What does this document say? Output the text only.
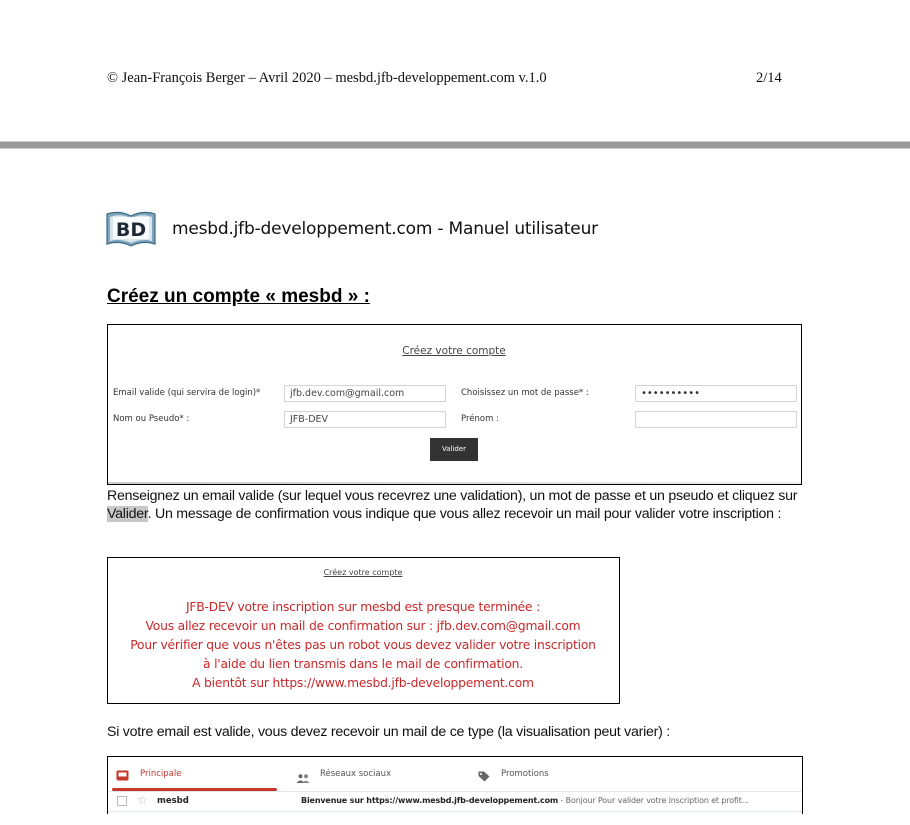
© Jean-François Berger – Avril 2020 – mesbd.jfb-developpement.com v.1.0	2/14
BD mesbd.jfb-developpement.com - Manuel utilisateur
Créez un compte « mesbd » :
Créez votre compte
Email valide (qui servira de login)*	jfb.dev.com@gmail.com	Choisissez un mot de passe* :	••••••••••
Nom ou Pseudo* :	JFB-DEV	Prénom :
Valider
Renseignez un email valide (sur lequel vous recevrez une validation), un mot de passe et un pseudo et cliquez sur Valider. Un message de confirmation vous indique que vous allez recevoir un mail pour valider votre inscription :
Créez votre compte
JFB-DEV votre inscription sur mesbd est presque terminée :
Vous allez recevoir un mail de confirmation sur : jfb.dev.com@gmail.com
Pour vérifier que vous n'êtes pas un robot vous devez valider votre inscription
à l'aide du lien transmis dans le mail de confirmation.
A bientôt sur https://www.mesbd.jfb-developpement.com
Si votre email est valide, vous devez recevoir un mail de ce type (la visualisation peut varier) :
Principale	Réseaux sociaux	Promotions
☆ mesbd	Bienvenue sur https://www.mesbd.jfb-developpement.com - Bonjour Pour valider votre inscription et profit...
